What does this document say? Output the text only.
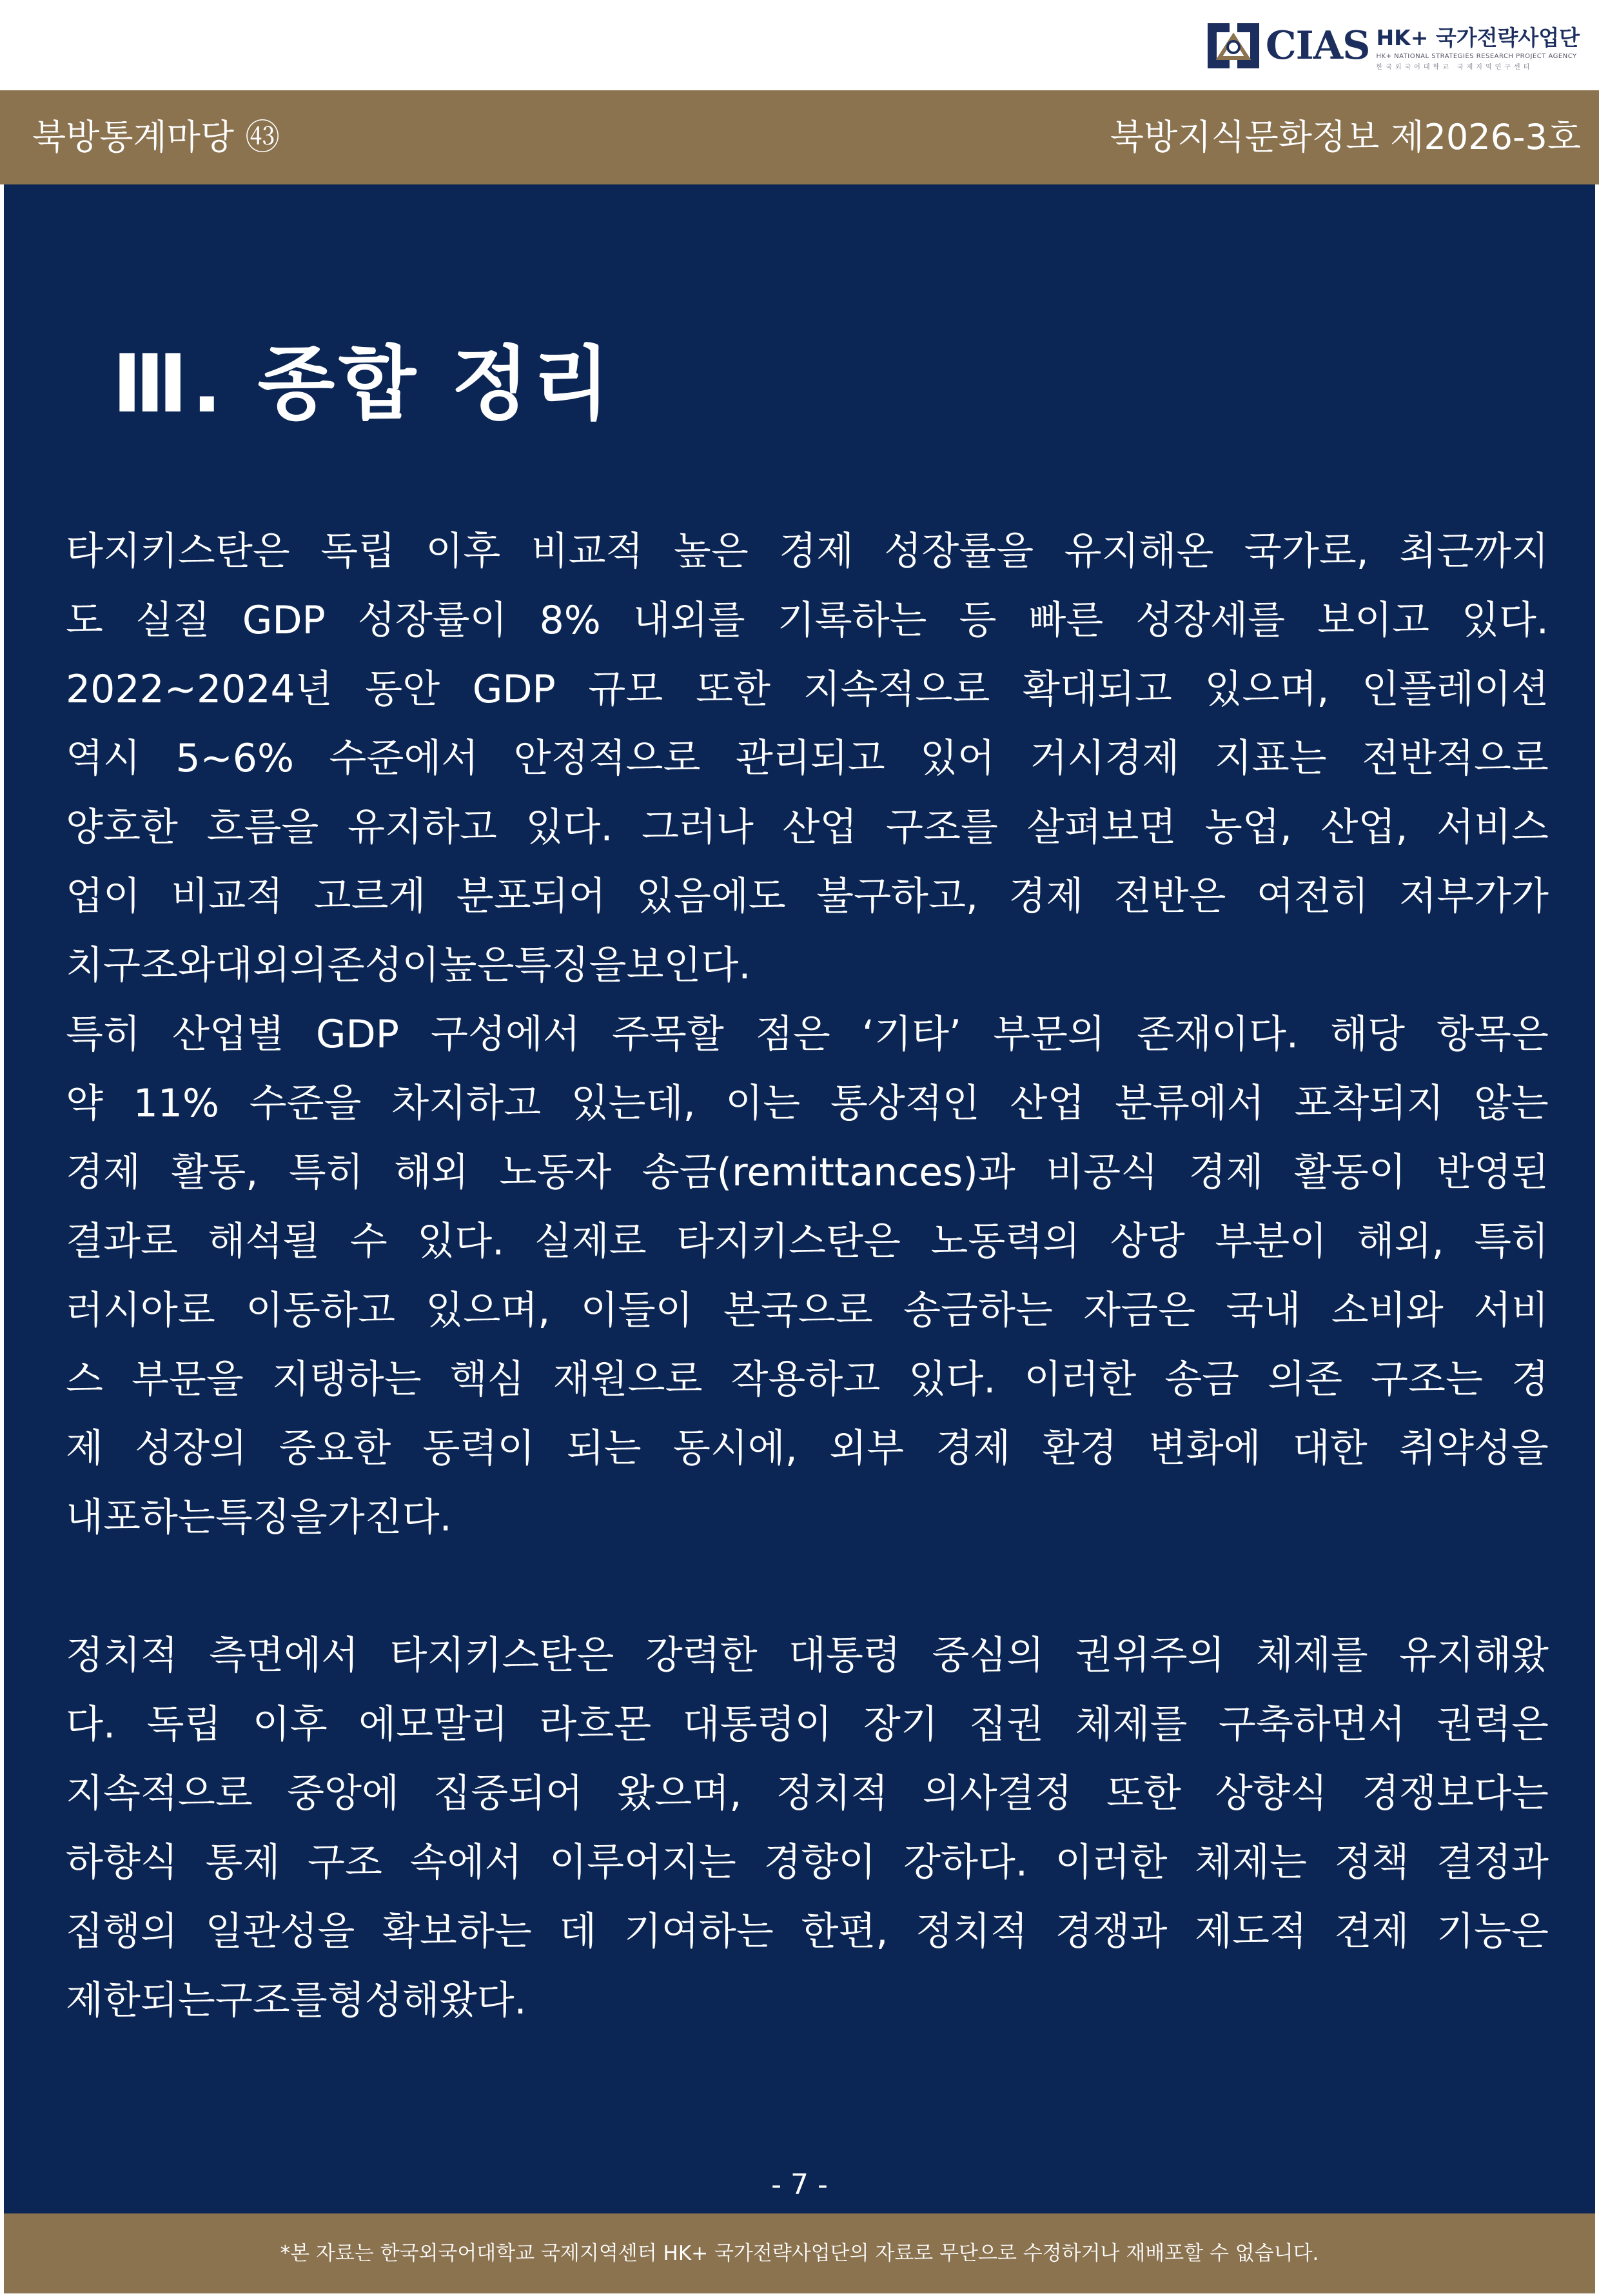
CIAS HK+ 국가전략사업단
HK+ NATIONAL STRATEGIES RESEARCH PROJECT AGENCY
한국외국어대학교 국제지역연구센터
북방통계마당 ㊸	북방지식문화정보 제2026-3호
Ⅲ. 종합 정리
타지키스탄은 독립 이후 비교적 높은 경제 성장률을 유지해온 국가로, 최근까지
도 실질 GDP 성장률이 8% 내외를 기록하는 등 빠른 성장세를 보이고 있다.
2022~2024년 동안 GDP 규모 또한 지속적으로 확대되고 있으며, 인플레이션
역시 5~6% 수준에서 안정적으로 관리되고 있어 거시경제 지표는 전반적으로
양호한 흐름을 유지하고 있다. 그러나 산업 구조를 살펴보면 농업, 산업, 서비스
업이 비교적 고르게 분포되어 있음에도 불구하고, 경제 전반은 여전히 저부가가
치 구조와 대외 의존성이 높은 특징을 보인다.
특히 산업별 GDP 구성에서 주목할 점은 ‘기타’ 부문의 존재이다. 해당 항목은
약 11% 수준을 차지하고 있는데, 이는 통상적인 산업 분류에서 포착되지 않는
경제 활동, 특히 해외 노동자 송금(remittances)과 비공식 경제 활동이 반영된
결과로 해석될 수 있다. 실제로 타지키스탄은 노동력의 상당 부분이 해외, 특히
러시아로 이동하고 있으며, 이들이 본국으로 송금하는 자금은 국내 소비와 서비
스 부문을 지탱하는 핵심 재원으로 작용하고 있다. 이러한 송금 의존 구조는 경
제 성장의 중요한 동력이 되는 동시에, 외부 경제 환경 변화에 대한 취약성을
내포하는 특징을 가진다.
정치적 측면에서 타지키스탄은 강력한 대통령 중심의 권위주의 체제를 유지해왔
다. 독립 이후 에모말리 라흐몬 대통령이 장기 집권 체제를 구축하면서 권력은
지속적으로 중앙에 집중되어 왔으며, 정치적 의사결정 또한 상향식 경쟁보다는
하향식 통제 구조 속에서 이루어지는 경향이 강하다. 이러한 체제는 정책 결정과
집행의 일관성을 확보하는 데 기여하는 한편, 정치적 경쟁과 제도적 견제 기능은
제한되는 구조를 형성해왔다.
- 7 -
*본 자료는 한국외국어대학교 국제지역센터 HK+ 국가전략사업단의 자료로 무단으로 수정하거나 재배포할 수 없습니다.
